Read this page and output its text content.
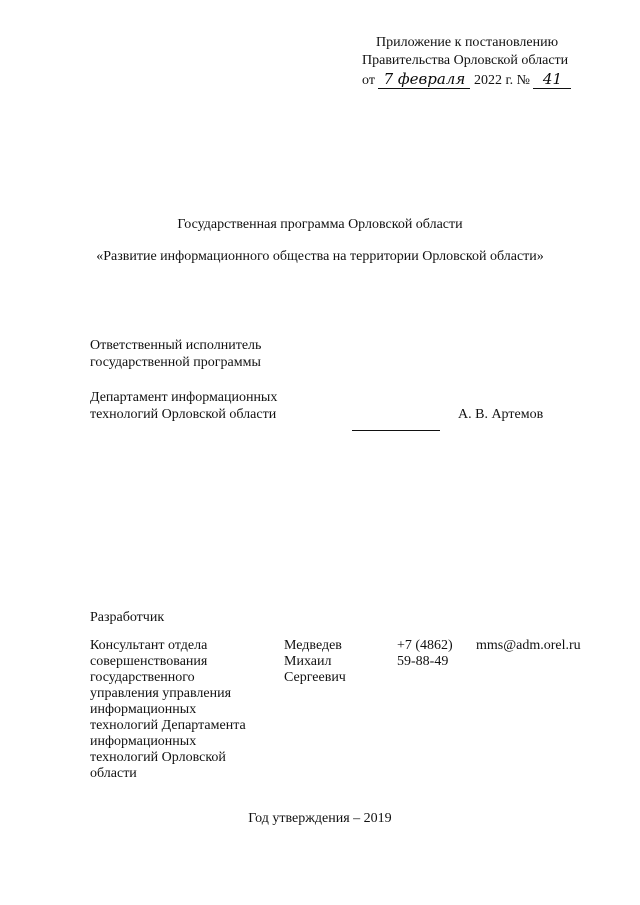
Приложение к постановлению
Правительства Орловской области
от 7 февраля 2022 г. № 41
Государственная программа Орловской области
«Развитие информационного общества на территории Орловской области»
Ответственный исполнитель
государственной программы
Департамент информационных
технологий Орловской области	А. В. Артемов
Разработчик
Консультант отдела
совершенствования
государственного
управления управления
информационных
технологий Департамента
информационных
технологий Орловской
области
Медведев
Михаил
Сергеевич
+7 (4862)
59-88-49
mms@adm.orel.ru
Год утверждения – 2019
